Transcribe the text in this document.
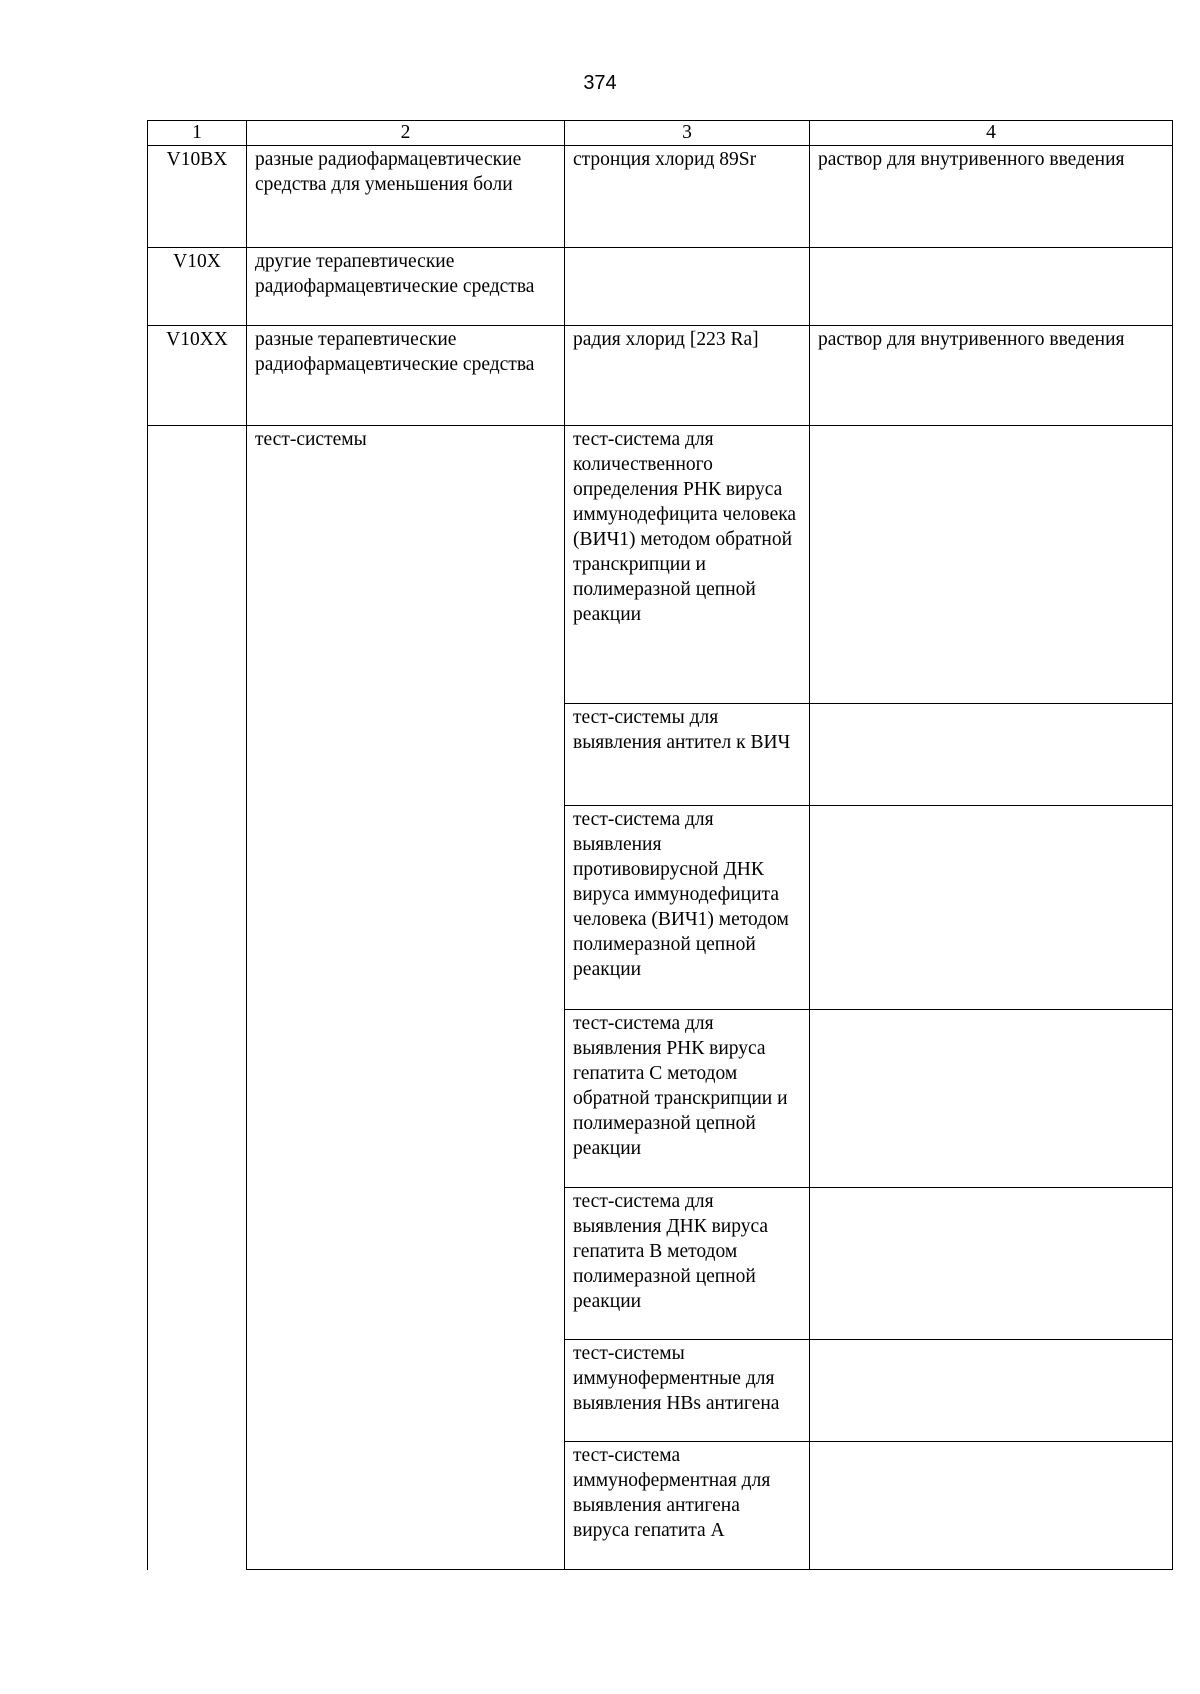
374
1	2	3	4
V10BX	разные радиофармацевтические средства для уменьшения боли	стронция хлорид 89Sr	раствор для внутривенного введения
V10X	другие терапевтические радиофармацевтические средства		
V10XX	разные терапевтические радиофармацевтические средства	радия хлорид [223 Ra]	раствор для внутривенного введения
	тест-системы	тест-система для количественного определения РНК вируса иммунодефицита человека (ВИЧ1) методом обратной транскрипции и полимеразной цепной реакции	
		тест-системы для выявления антител к ВИЧ	
		тест-система для выявления противовирусной ДНК вируса иммунодефицита человека (ВИЧ1) методом полимеразной цепной реакции	
		тест-система для выявления РНК вируса гепатита С методом обратной транскрипции и полимеразной цепной реакции	
		тест-система для выявления ДНК вируса гепатита В методом полимеразной цепной реакции	
		тест-системы иммуноферментные для выявления HBs антигена	
		тест-система иммуноферментная для выявления антигена вируса гепатита А	
